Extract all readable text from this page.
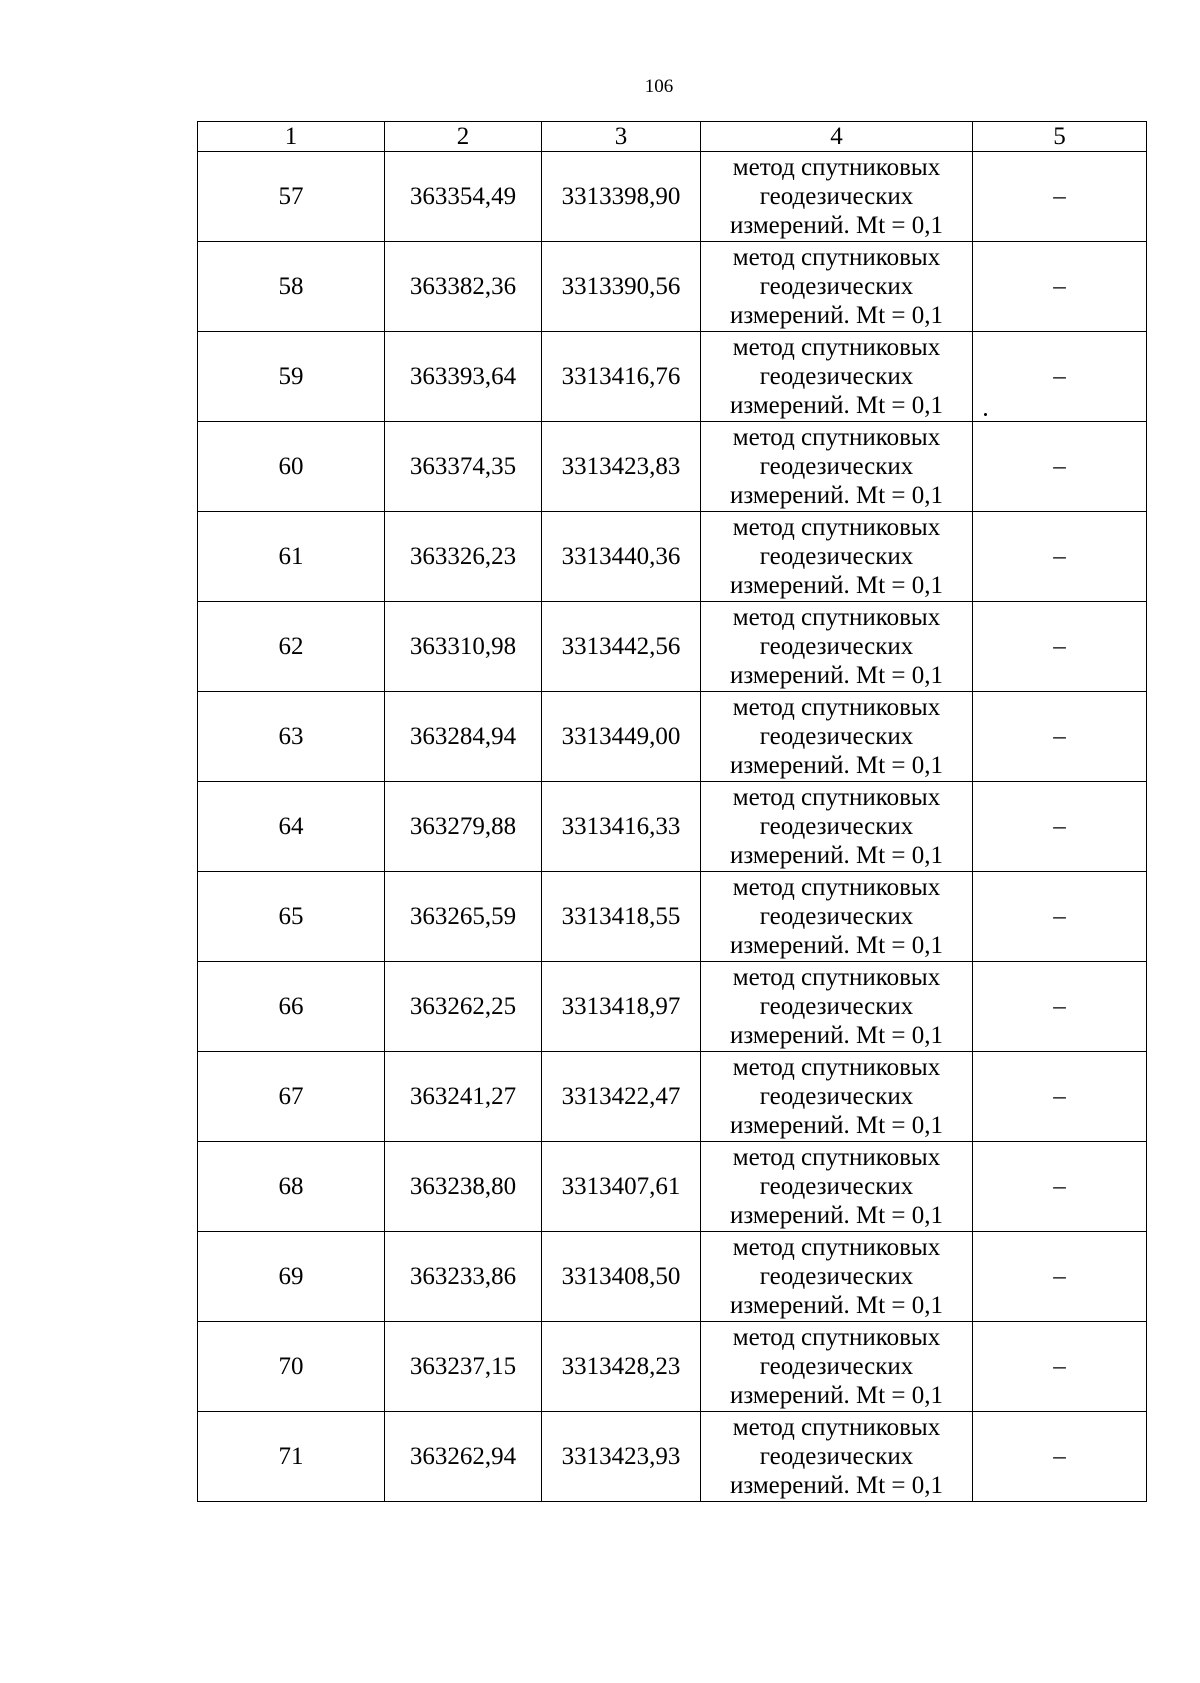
106
1	2	3	4	5
57	363354,49	3313398,90	метод спутниковых
геодезических
измерений. Mt = 0,1	–
58	363382,36	3313390,56	метод спутниковых
геодезических
измерений. Mt = 0,1	–
59	363393,64	3313416,76	метод спутниковых
геодезических
измерений. Mt = 0,1	–
60	363374,35	3313423,83	метод спутниковых
геодезических
измерений. Mt = 0,1	–
61	363326,23	3313440,36	метод спутниковых
геодезических
измерений. Mt = 0,1	–
62	363310,98	3313442,56	метод спутниковых
геодезических
измерений. Mt = 0,1	–
63	363284,94	3313449,00	метод спутниковых
геодезических
измерений. Mt = 0,1	–
64	363279,88	3313416,33	метод спутниковых
геодезических
измерений. Mt = 0,1	–
65	363265,59	3313418,55	метод спутниковых
геодезических
измерений. Mt = 0,1	–
66	363262,25	3313418,97	метод спутниковых
геодезических
измерений. Mt = 0,1	–
67	363241,27	3313422,47	метод спутниковых
геодезических
измерений. Mt = 0,1	–
68	363238,80	3313407,61	метод спутниковых
геодезических
измерений. Mt = 0,1	–
69	363233,86	3313408,50	метод спутниковых
геодезических
измерений. Mt = 0,1	–
70	363237,15	3313428,23	метод спутниковых
геодезических
измерений. Mt = 0,1	–
71	363262,94	3313423,93	метод спутниковых
геодезических
измерений. Mt = 0,1	–
